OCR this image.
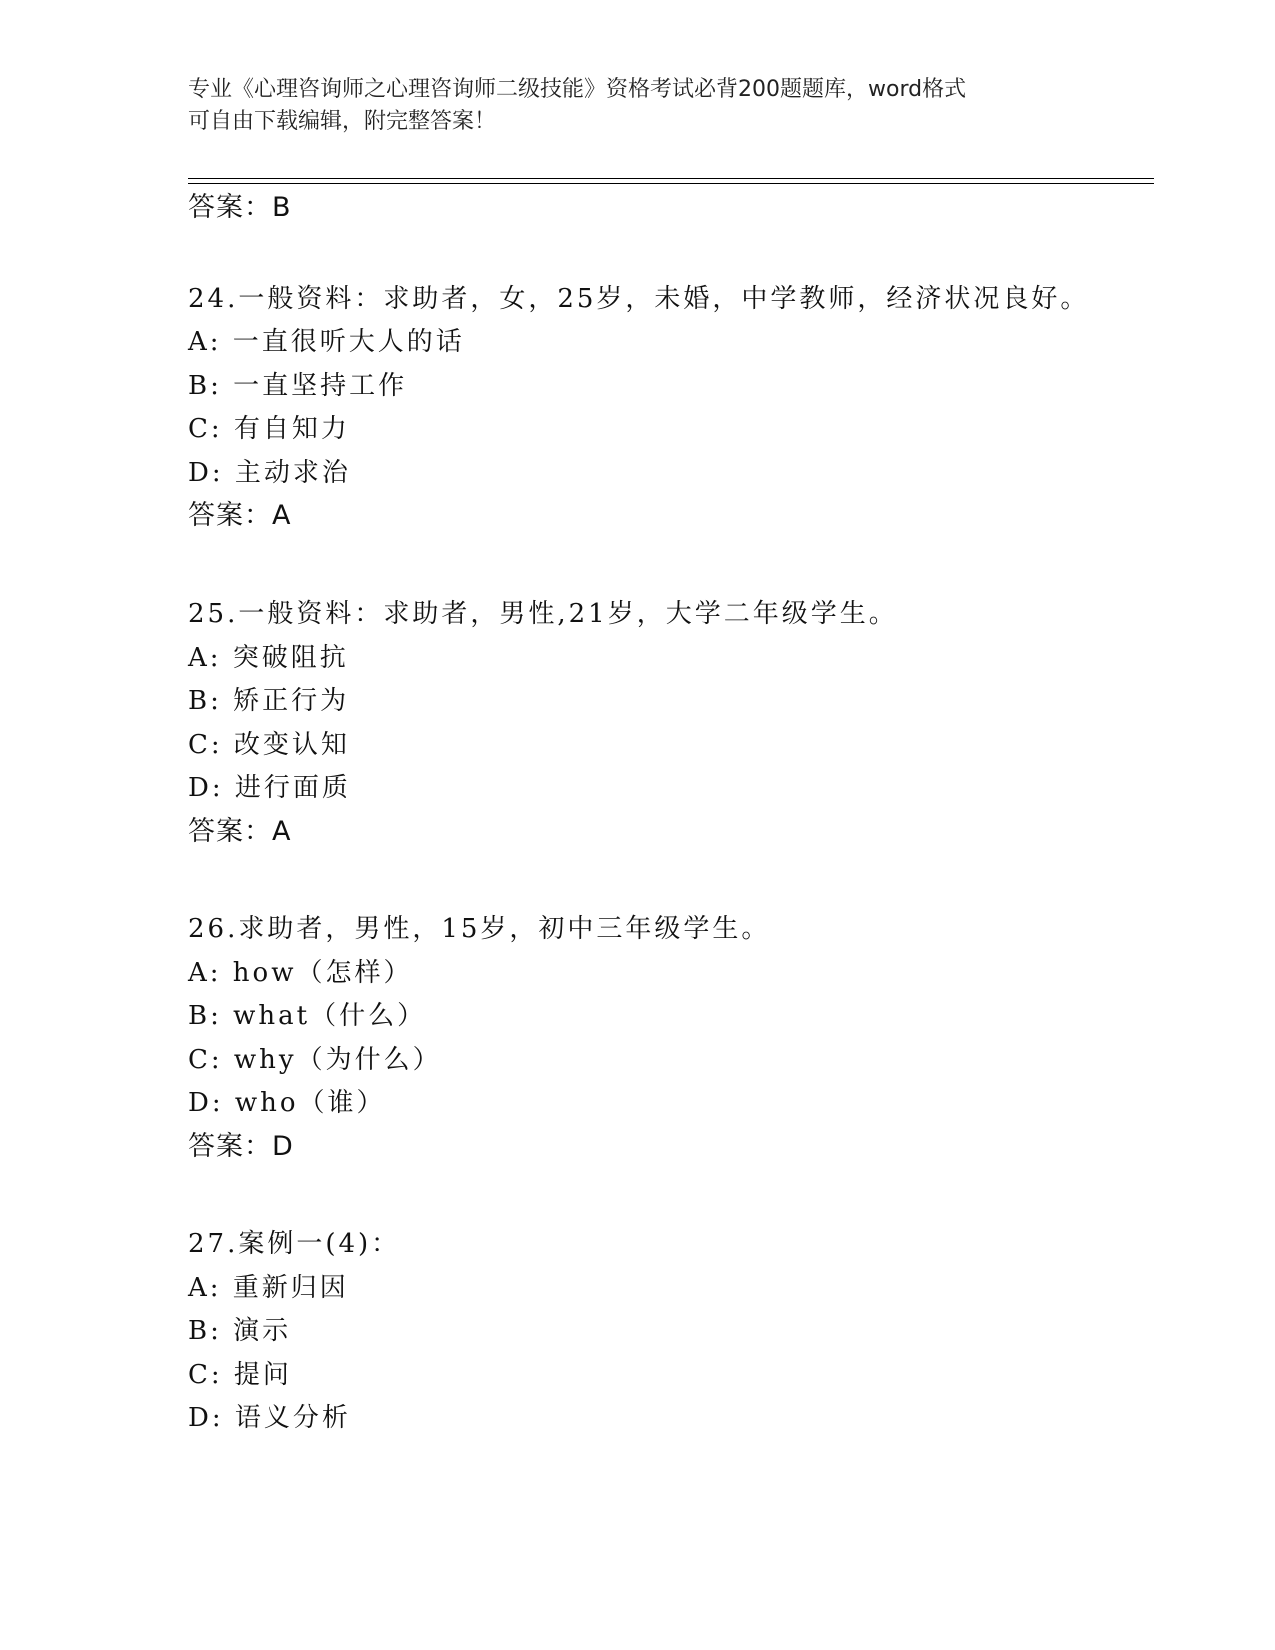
专业《心理咨询师之心理咨询师二级技能》资格考试必背200题题库，word格式
可自由下载编辑，附完整答案！
答案：B
24.一般资料：求助者，女，25岁，未婚，中学教师，经济状况良好。
A: 一直很听大人的话
B: 一直坚持工作
C: 有自知力
D: 主动求治
答案：A
25.一般资料：求助者，男性,21岁，大学二年级学生。
A: 突破阻抗
B: 矫正行为
C: 改变认知
D: 进行面质
答案：A
26.求助者，男性，15岁，初中三年级学生。
A: how（怎样）
B: what（什么）
C: why（为什么）
D: who（谁）
答案：D
27.案例一(4)：
A: 重新归因
B: 演示
C: 提问
D: 语义分析
